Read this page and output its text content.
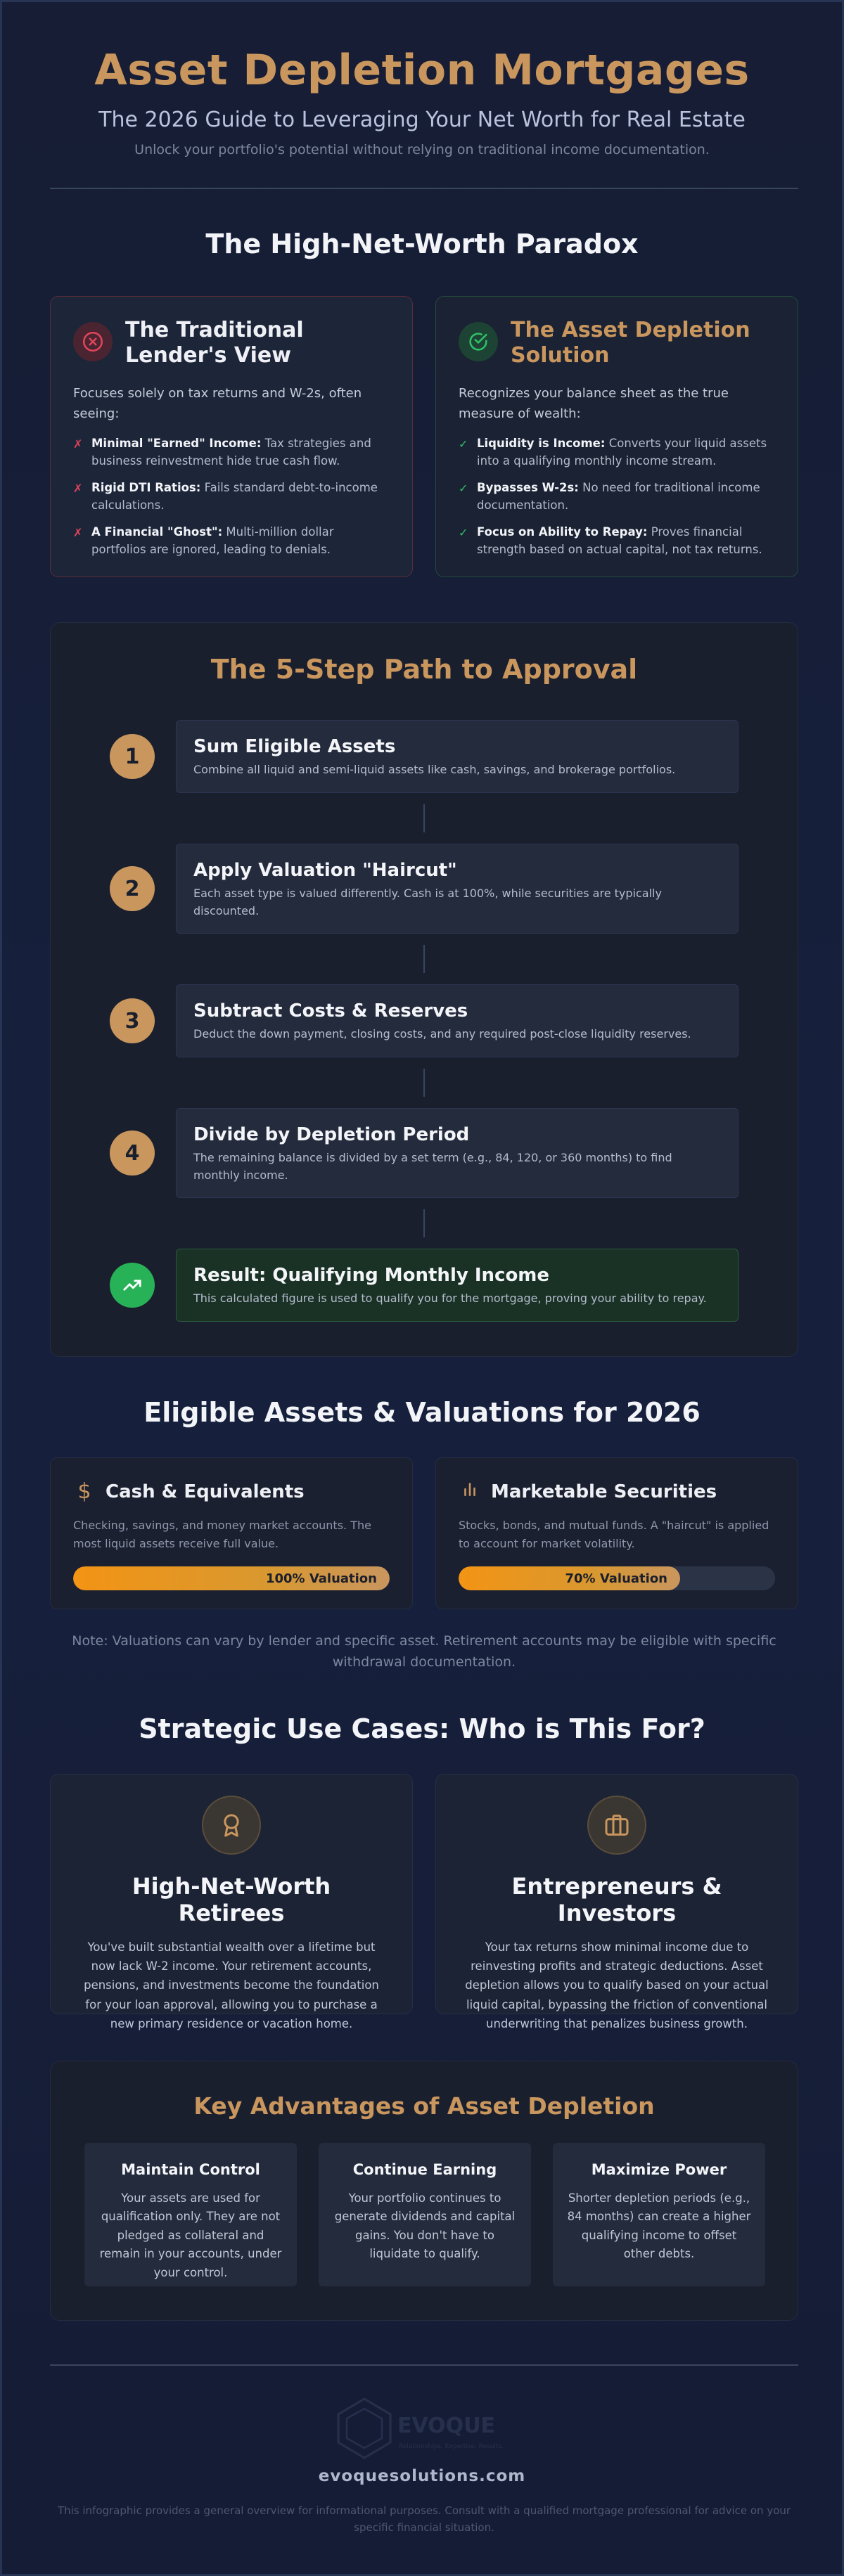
Asset Depletion Mortgages
The 2026 Guide to Leveraging Your Net Worth for Real Estate
Unlock your portfolio's potential without relying on traditional income documentation.
The High-Net-Worth Paradox
The Traditional Lender's View
Focuses solely on tax returns and W-2s, often seeing:
✗ Minimal "Earned" Income: Tax strategies and business reinvestment hide true cash flow.
✗ Rigid DTI Ratios: Fails standard debt-to-income calculations.
✗ A Financial "Ghost": Multi-million dollar portfolios are ignored, leading to denials.
The Asset Depletion Solution
Recognizes your balance sheet as the true measure of wealth:
✓ Liquidity is Income: Converts your liquid assets into a qualifying monthly income stream.
✓ Bypasses W-2s: No need for traditional income documentation.
✓ Focus on Ability to Repay: Proves financial strength based on actual capital, not tax returns.
The 5-Step Path to Approval
1	Sum Eligible Assets
Combine all liquid and semi-liquid assets like cash, savings, and brokerage portfolios.
2
Apply Valuation "Haircut"
Each asset type is valued differently. Cash is at 100%, while securities are typically discounted.
3	Subtract Costs & Reserves
Deduct the down payment, closing costs, and any required post-close liquidity reserves.
4
Divide by Depletion Period
The remaining balance is divided by a set term (e.g., 84, 120, or 360 months) to find monthly income.
Result: Qualifying Monthly Income
This calculated figure is used to qualify you for the mortgage, proving your ability to repay.
Eligible Assets & Valuations for 2026
$ Cash & Equivalents
Checking, savings, and money market accounts. The most liquid assets receive full value.
100% Valuation
Marketable Securities
Stocks, bonds, and mutual funds. A "haircut" is applied to account for market volatility.
70% Valuation
Note: Valuations can vary by lender and specific asset. Retirement accounts may be eligible with specific withdrawal documentation.
Strategic Use Cases: Who is This For?
High-Net-Worth Retirees
You've built substantial wealth over a lifetime but now lack W-2 income. Your retirement accounts, pensions, and investments become the foundation for your loan approval, allowing you to purchase a new primary residence or vacation home.
Entrepreneurs & Investors
Your tax returns show minimal income due to reinvesting profits and strategic deductions. Asset depletion allows you to qualify based on your actual liquid capital, bypassing the friction of conventional underwriting that penalizes business growth.
Key Advantages of Asset Depletion
Maintain Control
Your assets are used for qualification only. They are not pledged as collateral and remain in your accounts, under your control.
Continue Earning
Your portfolio continues to generate dividends and capital gains. You don't have to liquidate to qualify.
Maximize Power
Shorter depletion periods (e.g., 84 months) can create a higher qualifying income to offset other debts.
EVOQUE
Relationships. Expertise. Results.
evoquesolutions.com
This infographic provides a general overview for informational purposes. Consult with a qualified mortgage professional for advice on your specific financial situation.
